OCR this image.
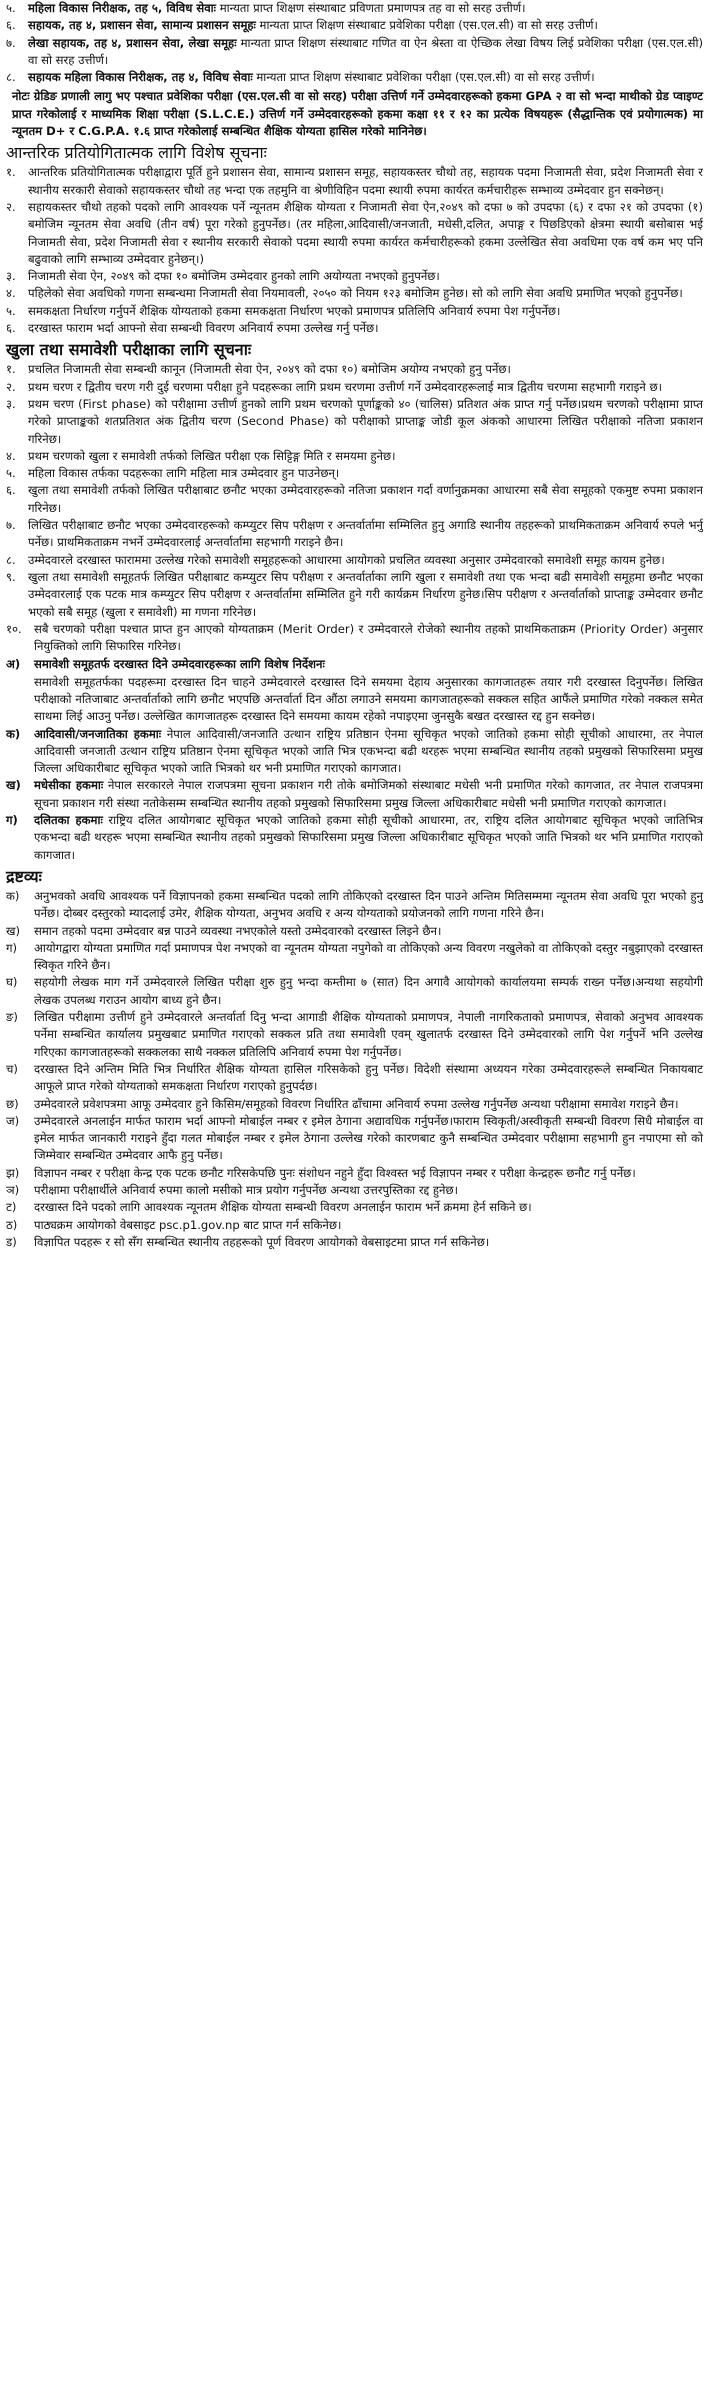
५.	महिला विकास निरीक्षक, तह ५, विविध सेवाः मान्यता प्राप्त शिक्षण संस्थाबाट प्रविणता प्रमाणपत्र तह वा सो सरह उत्तीर्ण।
६.	सहायक, तह ४, प्रशासन सेवा, सामान्य प्रशासन समूहः मान्यता प्राप्त शिक्षण संस्थाबाट प्रवेशिका परीक्षा (एस.एल.सी) वा सो सरह उत्तीर्ण।
७.	लेखा सहायक, तह ४, प्रशासन सेवा, लेखा समूहः मान्यता प्राप्त शिक्षण संस्थाबाट गणित वा ऐन श्रेस्ता वा ऐच्छिक लेखा विषय लिई प्रवेशिका परीक्षा (एस.एल.सी) वा सो सरह उत्तीर्ण।
८.	सहायक महिला विकास निरीक्षक, तह ४, विविध सेवाः मान्यता प्राप्त शिक्षण संस्थाबाट प्रवेशिका परीक्षा (एस.एल.सी) वा सो सरह उत्तीर्ण।

नोटः ग्रेडिङ प्रणाली लागु भए पश्चात प्रवेशिका परीक्षा (एस.एल.सी वा सो सरह) परीक्षा उत्तिर्ण गर्ने उम्मेदवारहरूको हकमा GPA २ वा सो भन्दा माथीको ग्रेड प्वाइण्ट प्राप्त गरेकोलाई र माध्यमिक शिक्षा परीक्षा (S.L.C.E.) उत्तिर्ण गर्ने उम्मेदवारहरूको हकमा कक्षा ११ र १२ का प्रत्येक विषयहरू (सैद्धान्तिक एवं प्रयोगात्मक) मा न्यूनतम D+ र C.G.P.A. १.६ प्राप्त गरेकोलाई सम्बन्धित शैक्षिक योग्यता हासिल गरेको मानिनेछ।

आन्तरिक प्रतियोगितात्मक लागि विशेष सूचनाः
१.	आन्तरिक प्रतियोगितात्मक परीक्षाद्वारा पूर्ति हुने प्रशासन सेवा, सामान्य प्रशासन समूह, सहायकस्तर चौथो तह, सहायक पदमा निजामती सेवा, प्रदेश निजामती सेवा र स्थानीय सरकारी सेवाको सहायकस्तर चौथो तह भन्दा एक तहमुनि वा श्रेणीविहिन पदमा स्थायी रुपमा कार्यरत कर्मचारीहरू सम्भाव्य उम्मेदवार हुन सक्नेछन्।
२.	सहायकस्तर चौथो तहको पदको लागि आवश्यक पर्ने न्यूनतम शैक्षिक योग्यता र निजामती सेवा ऐन,२०४९ को दफा ७ को उपदफा (६) र दफा २१ को उपदफा (१) बमोजिम न्यूनतम सेवा अवधि (तीन वर्ष) पूरा गरेको हुनुपर्नेछ। (तर महिला,आदिवासी/जनजाती, मधेसी,दलित, अपाङ्ग र पिछडिएको क्षेत्रमा स्थायी बसोबास भई निजामती सेवा, प्रदेश निजामती सेवा र स्थानीय सरकारी सेवाको पदमा स्थायी रुपमा कार्यरत कर्मचारीहरूको हकमा उल्लेखित सेवा अवधिमा एक वर्ष कम भए पनि बढुवाको लागि सम्भाव्य उम्मेदवार हुनेछन्।)
३.	निजामती सेवा ऐन, २०४९ को दफा १० बमोजिम उम्मेदवार हुनको लागि अयोग्यता नभएको हुनुपर्नेछ।
४.	पहिलेको सेवा अवधिको गणना सम्बन्धमा निजामती सेवा नियमावली, २०५० को नियम १२३ बमोजिम हुनेछ। सो को लागि सेवा अवधि प्रमाणित भएको हुनुपर्नेछ।
५.	समकक्षता निर्धारण गर्नुपर्ने शैक्षिक योग्यताको हकमा समकक्षता निर्धारण भएको प्रमाणपत्र प्रतिलिपि अनिवार्य रुपमा पेश गर्नुपर्नेछ।
६.	दरखास्त फाराम भर्दा आफ्नो सेवा सम्बन्धी विवरण अनिवार्य रुपमा उल्लेख गर्नु पर्नेछ।
खुला तथा समावेशी परीक्षाका लागि सूचनाः
१.	प्रचलित निजामती सेवा सम्बन्धी कानून (निजामती सेवा ऐन, २०४९ को दफा १०) बमोजिम अयोग्य नभएको हुनु पर्नेछ।
२.	प्रथम चरण र द्वितीय चरण गरी दुई चरणमा परीक्षा हुने पदहरूका लागि प्रथम चरणमा उत्तीर्ण गर्ने उम्मेदवारहरूलाई मात्र द्वितीय चरणमा सहभागी गराइने छ।
३.	प्रथम चरण (First phase) को परीक्षामा उत्तीर्ण हुनको लागि प्रथम चरणको पूर्णाङ्कको ४० (चालिस) प्रतिशत अंक प्राप्त गर्नु पर्नेछ।प्रथम चरणको परीक्षामा प्राप्त गरेको प्राप्ताङ्कको शतप्रतिशत अंक द्वितीय चरण (Second Phase) को परीक्षाको प्राप्ताङ्क जोडी कूल अंकको आधारमा लिखित परीक्षाको नतिजा प्रकाशन गरिनेछ।
४.	प्रथम चरणको खुला र समावेशी तर्फको लिखित परीक्षा एक सिट्टिङ्ग मिति र समयमा हुनेछ।
५.	महिला विकास तर्फका पदहरूका लागि महिला मात्र उम्मेदवार हुन पाउनेछन्।
६.	खुला तथा समावेशी तर्फको लिखित परीक्षाबाट छनौट भएका उम्मेदवारहरूको नतिजा प्रकाशन गर्दा वर्णानुक्रमका आधारमा सबै सेवा समूहको एकमुष्ट रुपमा प्रकाशन गरिनेछ।
७.	लिखित परीक्षाबाट छनौट भएका उम्मेदवारहरूको कम्प्युटर सिप परीक्षण र अन्तर्वार्तामा सम्मिलित हुनु अगाडि स्थानीय तहहरूको प्राथमिकताक्रम अनिवार्य रुपले भर्नु पर्नेछ। प्राथमिकताक्रम नभर्ने उम्मेदवारलाई अन्तर्वार्तामा सहभागी गराइने छैन।
८.	उम्मेदवारले दरखास्त फाराममा उल्लेख गरेको समावेशी समूहहरूको आधारमा आयोगको प्रचलित व्यवस्था अनुसार उम्मेदवारको समावेशी समूह कायम हुनेछ।
९.	खुला तथा समावेशी समूहतर्फ लिखित परीक्षाबाट कम्प्युटर सिप परीक्षण र अन्तर्वार्ताका लागि खुला र समावेशी तथा एक भन्दा बढी समावेशी समूहमा छनौट भएका उम्मेदवारलाई एक पटक मात्र कम्प्युटर सिप परीक्षण र अन्तर्वार्तामा सम्मिलित हुने गरी कार्यक्रम निर्धारण हुनेछ।सिप परीक्षण र अन्तर्वार्ताको प्राप्ताङ्क उम्मेदवार छनौट भएको सबै समूह (खुला र समावेशी) मा गणना गरिनेछ।
१०.	सबै चरणको परीक्षा पश्चात प्राप्त हुन आएको योग्यताक्रम (Merit Order) र उम्मेदवारले रोजेको स्थानीय तहको प्राथमिकताक्रम (Priority Order) अनुसार नियुक्तिको लागि सिफारिस गरिनेछ।
अ)	समावेशी समूहतर्फ दरखास्त दिने उम्मेदवारहरूका लागि विशेष निर्देशनः
समावेशी समूहतर्फका पदहरूमा दरखास्त दिन चाहने उम्मेदवारले दरखास्त दिने समयमा देहाय अनुसारका कागजातहरू तयार गरी दरखास्त दिनुपर्नेछ। लिखित परीक्षाको नतिजाबाट अन्तर्वार्ताको लागि छनौट भएपछि अन्तर्वार्ता दिन औंठा लगाउने समयमा कागजातहरूको सक्कल सहित आफैंले प्रमाणित गरेको नक्कल समेत साथमा लिई आउनु पर्नेछ। उल्लेखित कागजातहरू दरखास्त दिने समयमा कायम रहेको नपाइएमा जुनसुकै बखत दरखास्त रद्द हुन सक्नेछ।
क)	आदिवासी/जनजातिका हकमाः नेपाल आदिवासी/जनजाति उत्थान राष्ट्रिय प्रतिष्ठान ऐनमा सूचिकृत भएको जातिको हकमा सोही सूचीको आधारमा, तर नेपाल आदिवासी जनजाती उत्थान राष्ट्रिय प्रतिष्ठान ऐनमा सूचिकृत भएको जाति भित्र एकभन्दा बढी थरहरू भएमा सम्बन्धित स्थानीय तहको प्रमुखको सिफारिसमा प्रमुख जिल्ला अधिकारीबाट सूचिकृत भएको जाति भित्रको थर भनी प्रमाणित गराएको कागजात।
ख)	मधेसीका हकमाः नेपाल सरकारले नेपाल राजपत्रमा सूचना प्रकाशन गरी तोके बमोजिमको संस्थाबाट मधेसी भनी प्रमाणित गरेको कागजात, तर नेपाल राजपत्रमा सूचना प्रकाशन गरी संस्था नतोकेसम्म सम्बन्धित स्थानीय तहको प्रमुखको सिफारिसमा प्रमुख जिल्ला अधिकारीबाट मधेसी भनी प्रमाणित गराएको कागजात।
ग)	दलितका हकमाः राष्ट्रिय दलित आयोगबाट सूचिकृत भएको जातिको हकमा सोही सूचीको आधारमा, तर, राष्ट्रिय दलित आयोगबाट सूचिकृत भएको जातिभित्र एकभन्दा बढी थरहरू भएमा सम्बन्धित स्थानीय तहको प्रमुखको सिफारिसमा प्रमुख जिल्ला अधिकारीबाट सूचिकृत भएको जाति भित्रको थर भनि प्रमाणित गराएको कागजात।
द्रष्टव्यः
क)	अनुभवको अवधि आवश्यक पर्ने विज्ञापनको हकमा सम्बन्धित पदको लागि तोकिएको दरखास्त दिन पाउने अन्तिम मितिसम्ममा न्यूनतम सेवा अवधि पूरा भएको हुनु पर्नेछ। दोब्बर दस्तुरको म्यादलाई उमेर, शैक्षिक योग्यता, अनुभव अवधि र अन्य योग्यताको प्रयोजनको लागि गणना गरिने छैन।
ख)	समान तहको पदमा उम्मेदवार बन्न पाउने व्यवस्था नभएकोले यस्तो उम्मेदवारको दरखास्त लिइने छैन।
ग)	आयोगद्वारा योग्यता प्रमाणित गर्दा प्रमाणपत्र पेश नभएको वा न्यूनतम योग्यता नपुगेको वा तोकिएको अन्य विवरण नखुलेको वा तोकिएको दस्तुर नबुझाएको दरखास्त स्विकृत गरिने छैन।
घ)	सहयोगी लेखक माग गर्ने उम्मेदवारले लिखित परीक्षा शुरु हुनु भन्दा कम्तीमा ७ (सात) दिन अगावै आयोगको कार्यालयमा सम्पर्क राख्न पर्नेछ।अन्यथा सहयोगी लेखक उपलब्ध गराउन आयोग बाध्य हुने छैन।
ङ)	लिखित परीक्षामा उत्तीर्ण हुने उम्मेदवारले अन्तर्वार्ता दिनु भन्दा आगाडी शैक्षिक योग्यताको प्रमाणपत्र, नेपाली नागरिकताको प्रमाणपत्र, सेवाको अनुभव आवश्यक पर्नेमा सम्बन्धित कार्यालय प्रमुखबाट प्रमाणित गराएको सक्कल प्रति तथा समावेशी एवम् खुलातर्फ दरखास्त दिने उम्मेदवारको लागि पेश गर्नुपर्ने भनि उल्लेख गरिएका कागजातहरूको सक्कलका साथै नक्कल प्रतिलिपि अनिवार्य रुपमा पेश गर्नुपर्नेछ।
च)	दरखास्त दिने अन्तिम मिति भित्र निर्धारित शैक्षिक योग्यता हासिल गरिसकेको हुनु पर्नेछ। विदेशी संस्थामा अध्ययन गरेका उम्मेदवारहरूले सम्बन्धित निकायबाट आफूले प्राप्त गरेको योग्यताको समकक्षता निर्धारण गराएको हुनुपर्दछ।
छ)	उम्मेदवारले प्रवेशपत्रमा आफू उम्मेदवार हुने किसिम/समूहको विवरण निर्धारित ढाँचामा अनिवार्य रुपमा उल्लेख गर्नुपर्नेछ अन्यथा परीक्षामा समावेश गराइने छैन।
ज)	उम्मेदवारले अनलाईन मार्फत फाराम भर्दा आफ्नो मोबाईल नम्बर र इमेल ठेगाना अद्यावधिक गर्नुपर्नेछ।फाराम स्विकृती/अस्वीकृती सम्बन्धी विवरण सिधै मोबाईल वा इमेल मार्फत जानकारी गराइने हुँदा गलत मोबाईल नम्बर र इमेल ठेगाना उल्लेख गरेको कारणबाट कुनै सम्बन्धित उम्मेदवार परीक्षामा सहभागी हुन नपाएमा सो को जिम्मेवार सम्बन्धित उम्मेदवार आफै हुनु पर्नेछ।
झ)	विज्ञापन नम्बर र परीक्षा केन्द्र एक पटक छनौट गरिसकेपछि पुनः संशोधन नहुने हुँदा विश्वस्त भई विज्ञापन नम्बर र परीक्षा केन्द्रहरू छनौट गर्नु पर्नेछ।
ञ)	परीक्षामा परीक्षार्थीले अनिवार्य रुपमा कालो मसीको मात्र प्रयोग गर्नुपर्नेछ अन्यथा उत्तरपुस्तिका रद्द हुनेछ।
ट)	दरखास्त दिने पदको लागि आवश्यक न्यूनतम शैक्षिक योग्यता सम्बन्धी विवरण अनलाईन फाराम भर्ने क्रममा हेर्न सकिने छ।
ठ)	पाठ्यक्रम आयोगको वेबसाइट psc.p1.gov.np बाट प्राप्त गर्न सकिनेछ।
ड)	विज्ञापित पदहरू र सो सँग सम्बन्धित स्थानीय तहहरूको पूर्ण विवरण आयोगको वेबसाइटमा प्राप्त गर्न सकिनेछ।
